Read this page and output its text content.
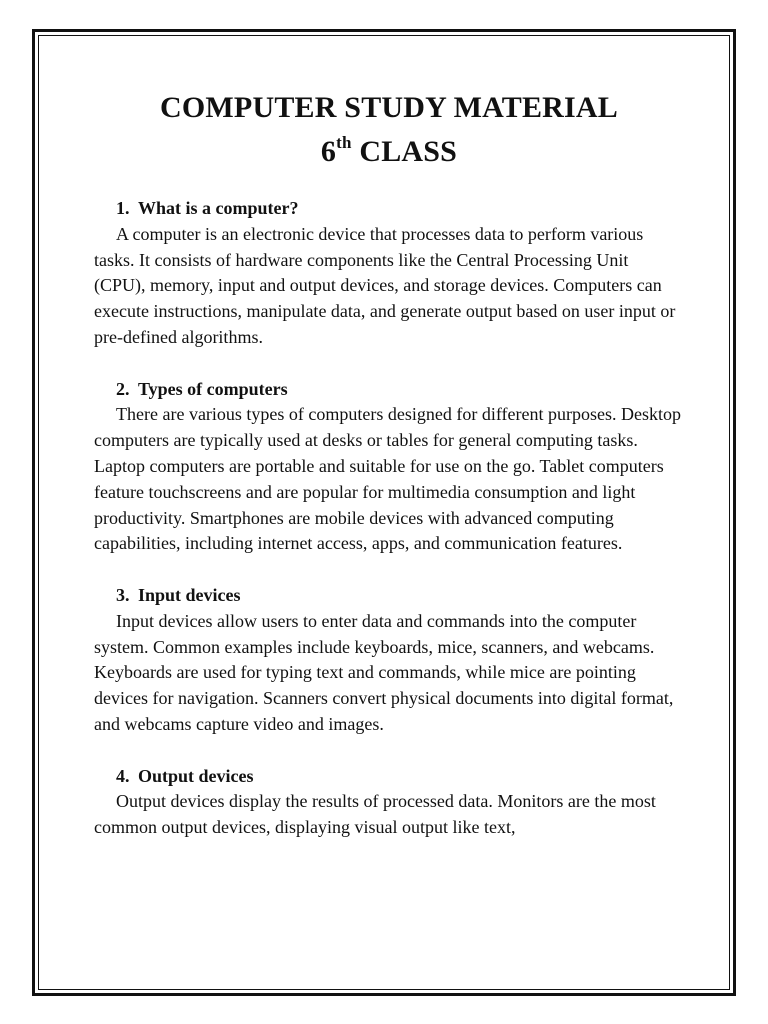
COMPUTER STUDY MATERIAL
6th CLASS

1. What is a computer?

A computer is an electronic device that processes data to perform various tasks. It consists of hardware components like the Central Processing Unit (CPU), memory, input and output devices, and storage devices. Computers can execute instructions, manipulate data, and generate output based on user input or pre-defined algorithms.

2. Types of computers

There are various types of computers designed for different purposes. Desktop computers are typically used at desks or tables for general computing tasks. Laptop computers are portable and suitable for use on the go. Tablet computers feature touchscreens and are popular for multimedia consumption and light productivity. Smartphones are mobile devices with advanced computing capabilities, including internet access, apps, and communication features.

3. Input devices

Input devices allow users to enter data and commands into the computer system. Common examples include keyboards, mice, scanners, and webcams. Keyboards are used for typing text and commands, while mice are pointing devices for navigation. Scanners convert physical documents into digital format, and webcams capture video and images.

4. Output devices

Output devices display the results of processed data. Monitors are the most common output devices, displaying visual output like text,
